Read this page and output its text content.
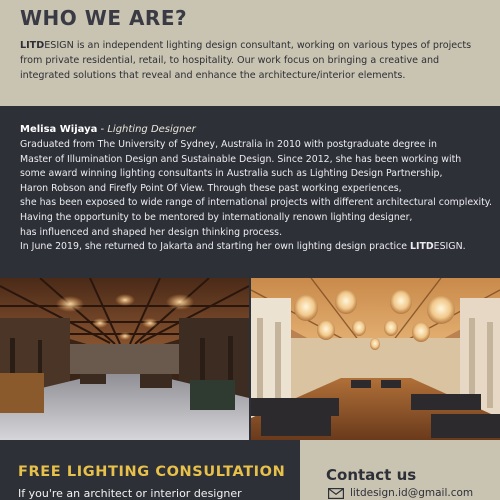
WHO WE ARE?

LITDESIGN is an independent lighting design consultant, working on various types of projects from private residential, retail, to hospitality. Our work focus on bringing a creative and integrated solutions that reveal and enhance the architecture/interior elements.

Melisa Wijaya - Lighting Designer
Graduated from The University of Sydney, Australia in 2010 with postgraduate degree in
Master of Illumination Design and Sustainable Design. Since 2012, she has been working with
some award winning lighting consultants in Australia such as Lighting Design Partnership,
Haron Robson and Firefly Point Of View. Through these past working experiences,
she has been exposed to wide range of international projects with different architectural complexity.
Having the opportunity to be mentored by internationally renown lighting designer,
has influenced and shaped her design thinking process.
In June 2019, she returned to Jakarta and starting her own lighting design practice LITDESIGN.
FREE LIGHTING CONSULTATION

If you're an architect or interior designer

Contact us
litdesign.id@gmail.com
